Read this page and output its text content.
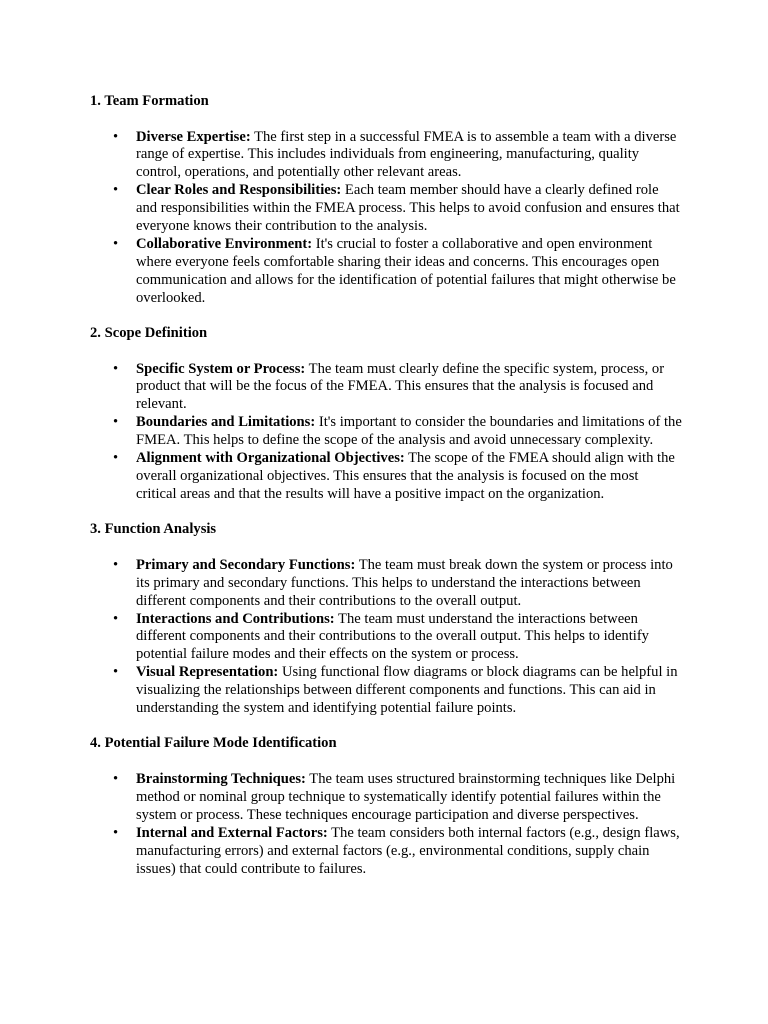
1. Team Formation

• Diverse Expertise: The first step in a successful FMEA is to assemble a team with a diverse range of expertise. This includes individuals from engineering, manufacturing, quality control, operations, and potentially other relevant areas.
• Clear Roles and Responsibilities: Each team member should have a clearly defined role and responsibilities within the FMEA process. This helps to avoid confusion and ensures that everyone knows their contribution to the analysis.
• Collaborative Environment: It's crucial to foster a collaborative and open environment where everyone feels comfortable sharing their ideas and concerns. This encourages open communication and allows for the identification of potential failures that might otherwise be overlooked.

2. Scope Definition

• Specific System or Process: The team must clearly define the specific system, process, or product that will be the focus of the FMEA. This ensures that the analysis is focused and relevant.
• Boundaries and Limitations: It's important to consider the boundaries and limitations of the FMEA. This helps to define the scope of the analysis and avoid unnecessary complexity.
• Alignment with Organizational Objectives: The scope of the FMEA should align with the overall organizational objectives. This ensures that the analysis is focused on the most critical areas and that the results will have a positive impact on the organization.

3. Function Analysis

• Primary and Secondary Functions: The team must break down the system or process into its primary and secondary functions. This helps to understand the interactions between different components and their contributions to the overall output.
• Interactions and Contributions: The team must understand the interactions between different components and their contributions to the overall output. This helps to identify potential failure modes and their effects on the system or process.
• Visual Representation: Using functional flow diagrams or block diagrams can be helpful in visualizing the relationships between different components and functions. This can aid in understanding the system and identifying potential failure points.

4. Potential Failure Mode Identification

• Brainstorming Techniques: The team uses structured brainstorming techniques like Delphi method or nominal group technique to systematically identify potential failures within the system or process. These techniques encourage participation and diverse perspectives.
• Internal and External Factors: The team considers both internal factors (e.g., design flaws, manufacturing errors) and external factors (e.g., environmental conditions, supply chain issues) that could contribute to failures.
